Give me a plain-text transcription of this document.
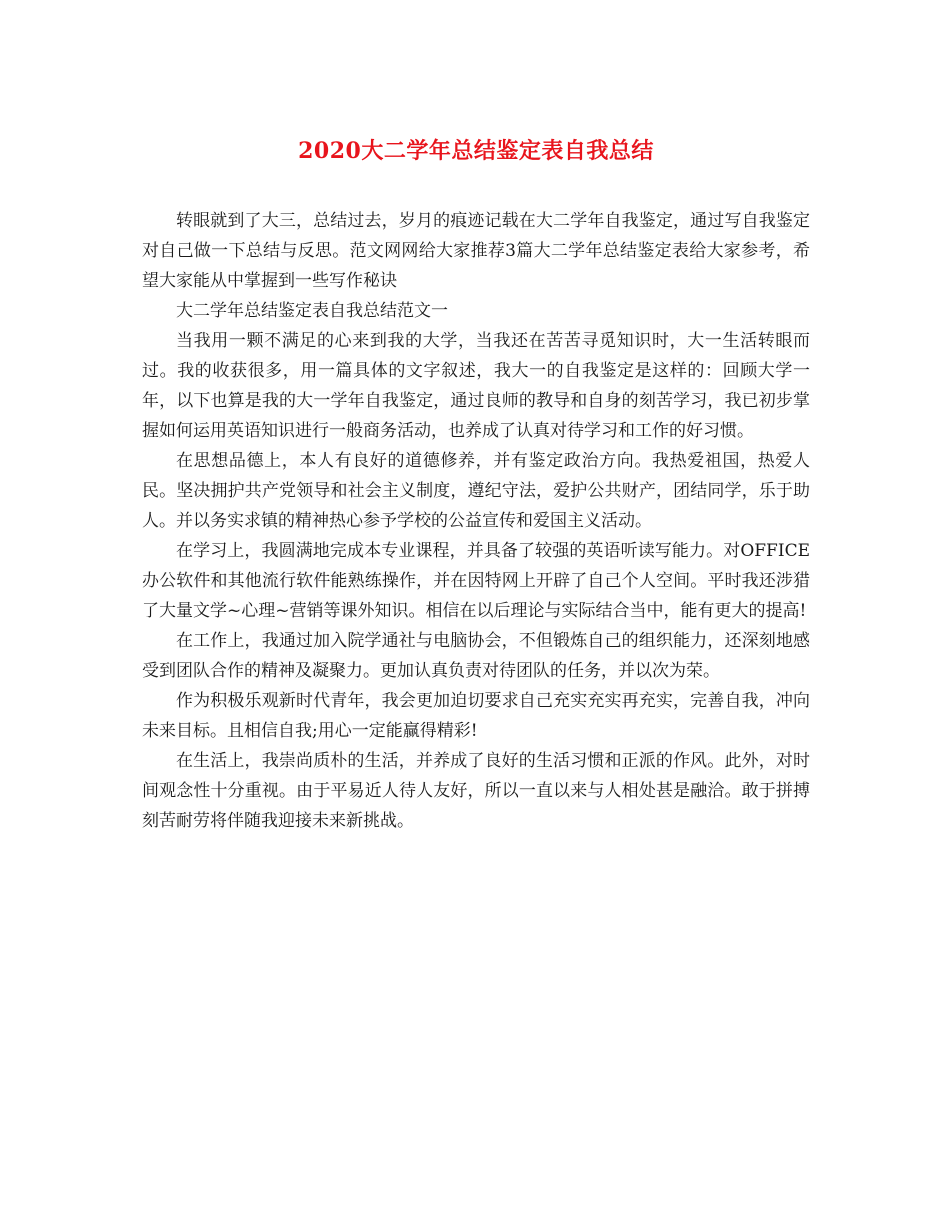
2020大二学年总结鉴定表自我总结

转眼就到了大三，总结过去，岁月的痕迹记载在大二学年自我鉴定，通过写自我鉴定对自己做一下总结与反思。范文网网给大家推荐3篇大二学年总结鉴定表给大家参考，希望大家能从中掌握到一些写作秘诀

大二学年总结鉴定表自我总结范文一

当我用一颗不满足的心来到我的大学，当我还在苦苦寻觅知识时，大一生活转眼而过。我的收获很多，用一篇具体的文字叙述，我大一的自我鉴定是这样的：回顾大学一年，以下也算是我的大一学年自我鉴定，通过良师的教导和自身的刻苦学习，我已初步掌握如何运用英语知识进行一般商务活动，也养成了认真对待学习和工作的好习惯。

在思想品德上，本人有良好的道德修养，并有鉴定政治方向。我热爱祖国，热爱人民。坚决拥护共产党领导和社会主义制度，遵纪守法，爱护公共财产，团结同学，乐于助人。并以务实求镇的精神热心参予学校的公益宣传和爱国主义活动。

在学习上，我圆满地完成本专业课程，并具备了较强的英语听读写能力。对OFFICE办公软件和其他流行软件能熟练操作，并在因特网上开辟了自己个人空间。平时我还涉猎了大量文学~心理~营销等课外知识。相信在以后理论与实际结合当中，能有更大的提高!

在工作上，我通过加入院学通社与电脑协会，不但锻炼自己的组织能力，还深刻地感受到团队合作的精神及凝聚力。更加认真负责对待团队的任务，并以次为荣。

作为积极乐观新时代青年，我会更加迫切要求自己充实充实再充实，完善自我，冲向未来目标。且相信自我;用心一定能赢得精彩!

在生活上，我崇尚质朴的生活，并养成了良好的生活习惯和正派的作风。此外，对时间观念性十分重视。由于平易近人待人友好，所以一直以来与人相处甚是融洽。敢于拼搏刻苦耐劳将伴随我迎接未来新挑战。
